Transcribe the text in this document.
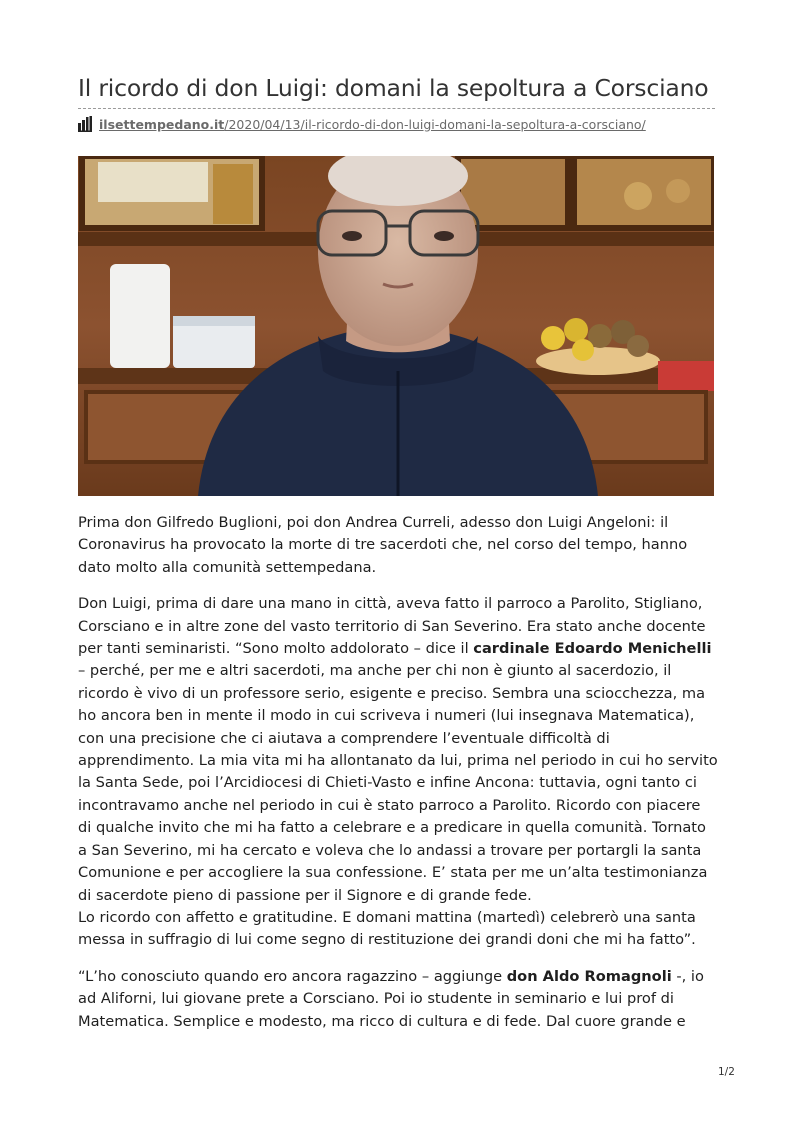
Il ricordo di don Luigi: domani la sepoltura a Corsciano
ilsettempedano.it/2020/04/13/il-ricordo-di-don-luigi-domani-la-sepoltura-a-corsciano/

Prima don Gilfredo Buglioni, poi don Andrea Curreli, adesso don Luigi Angeloni: il Coronavirus ha provocato la morte di tre sacerdoti che, nel corso del tempo, hanno dato molto alla comunità settempedana.

Don Luigi, prima di dare una mano in città, aveva fatto il parroco a Parolito, Stigliano, Corsciano e in altre zone del vasto territorio di San Severino. Era stato anche docente per tanti seminaristi. “Sono molto addolorato – dice il cardinale Edoardo Menichelli – perché, per me e altri sacerdoti, ma anche per chi non è giunto al sacerdozio, il ricordo è vivo di un professore serio, esigente e preciso. Sembra una sciocchezza, ma ho ancora ben in mente il modo in cui scriveva i numeri (lui insegnava Matematica), con una precisione che ci aiutava a comprendere l’eventuale difficoltà di apprendimento. La mia vita mi ha allontanato da lui, prima nel periodo in cui ho servito la Santa Sede, poi l’Arcidiocesi di Chieti-Vasto e infine Ancona: tuttavia, ogni tanto ci incontravamo anche nel periodo in cui è stato parroco a Parolito. Ricordo con piacere di qualche invito che mi ha fatto a celebrare e a predicare in quella comunità. Tornato a San Severino, mi ha cercato e voleva che lo andassi a trovare per portargli la santa Comunione e per accogliere la sua confessione. E’ stata per me un’alta testimonianza di sacerdote pieno di passione per il Signore e di grande fede.
Lo ricordo con affetto e gratitudine. E domani mattina (martedì) celebrerò una santa messa in suffragio di lui come segno di restituzione dei grandi doni che mi ha fatto”.

“L’ho conosciuto quando ero ancora ragazzino – aggiunge don Aldo Romagnoli -, io ad Aliforni, lui giovane prete a Corsciano. Poi io studente in seminario e lui prof di Matematica. Semplice e modesto, ma ricco di cultura e di fede. Dal cuore grande e

1/2
